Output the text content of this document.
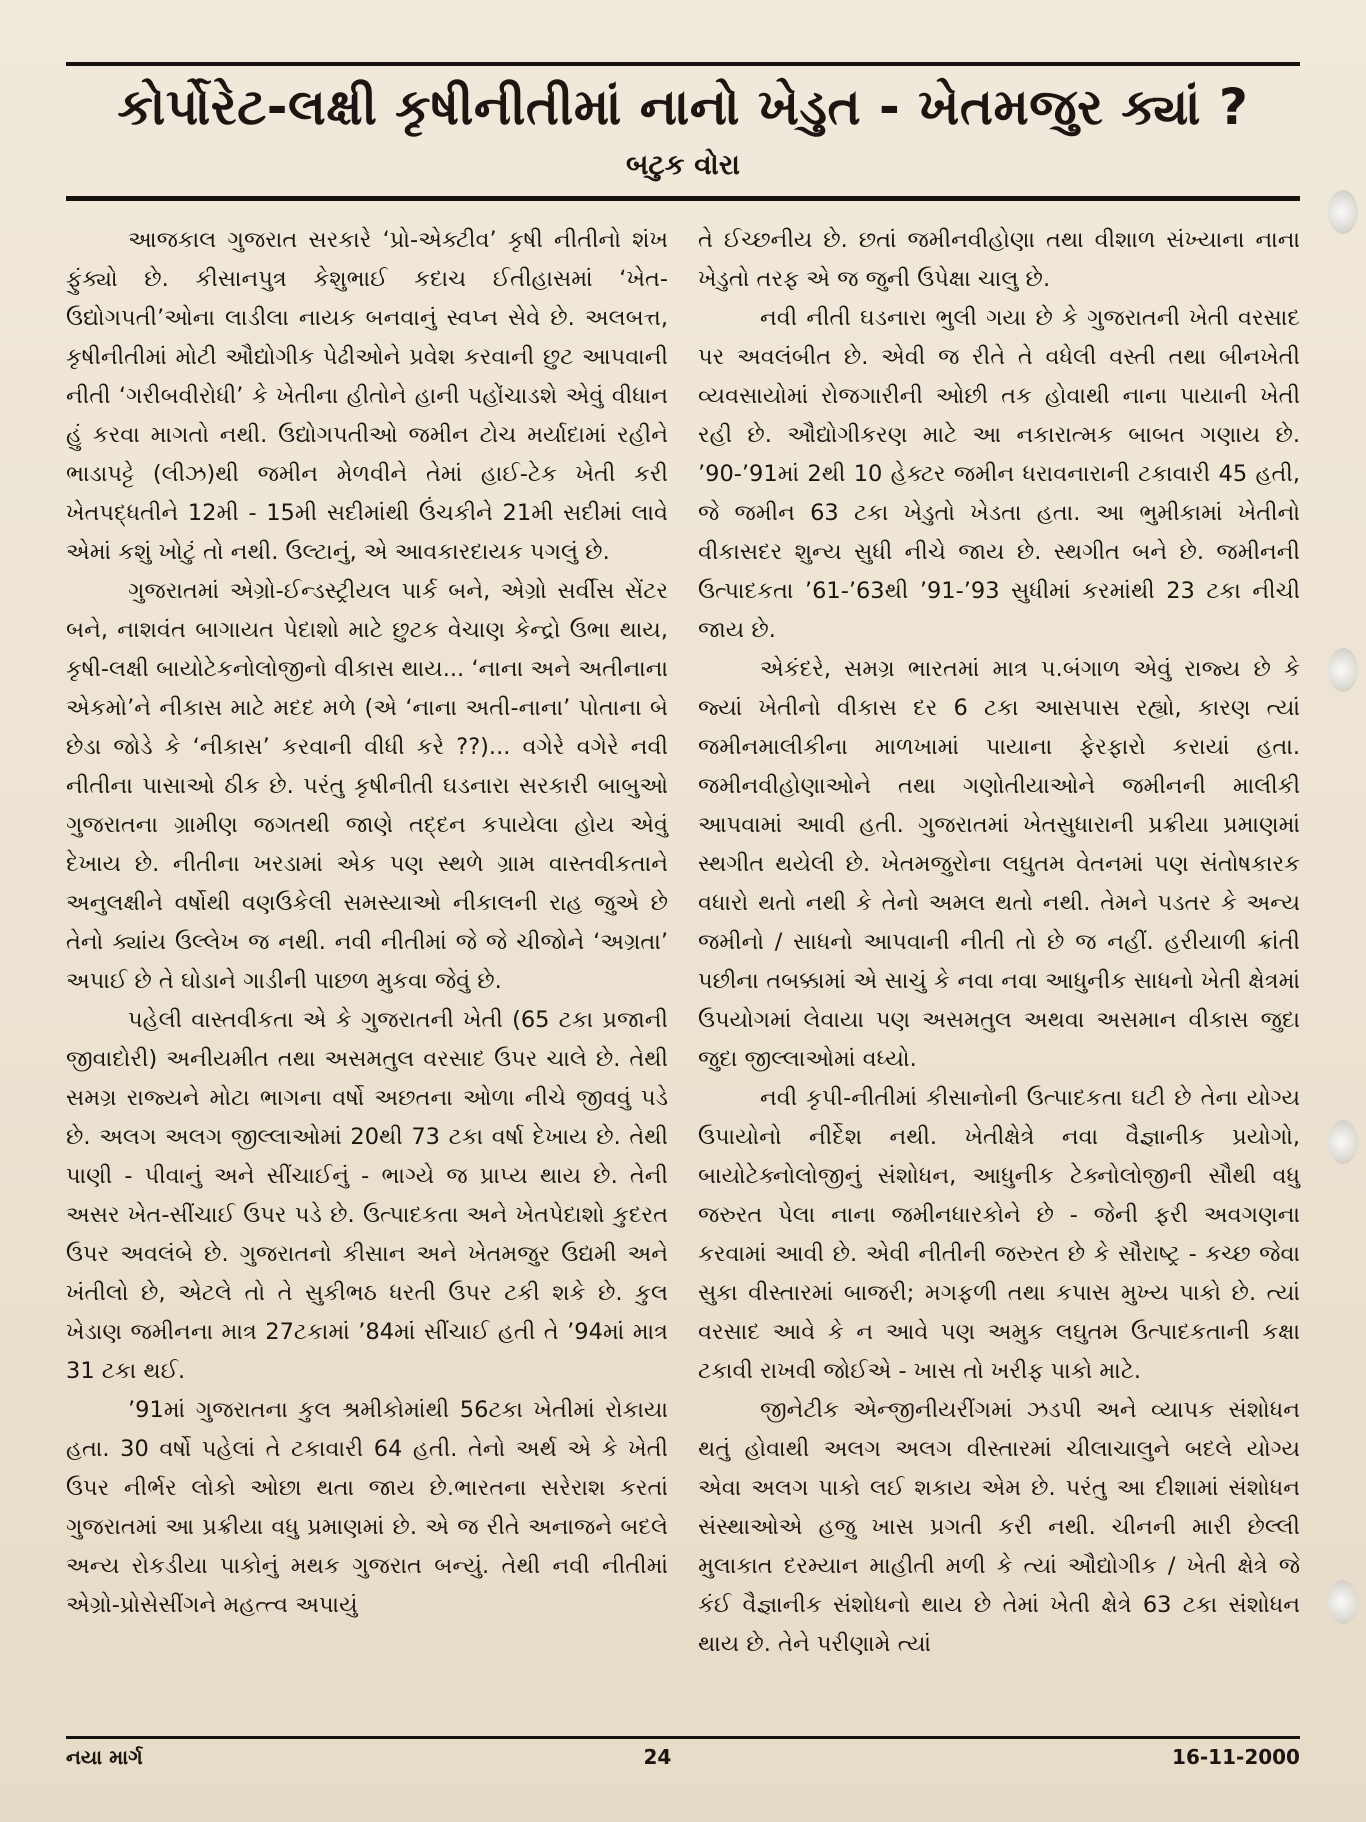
કોર્પોરેટ-લક્ષી કૃષીનીતીમાં નાનો ખેડુત - ખેતમજુર ક્યાં ?
બટુક વોરા

આજકાલ ગુજરાત સરકારે ‘પ્રો-એક્ટીવ’ કૃષી નીતીનો શંખ ફુંક્યો છે. કીસાનપુત્ર કેશુભાઈ કદાચ ઈતીહાસમાં ‘ખેત-ઉદ્યોગપતી’ઓના લાડીલા નાયક બનવાનું સ્વપ્ન સેવે છે. અલબત્ત, કૃષીનીતીમાં મોટી ઔદ્યોગીક પેઢીઓને પ્રવેશ કરવાની છુટ આપવાની નીતી ‘ગરીબવીરોધી’ કે ખેતીના હીતોને હાની પહોંચાડશે એવું વીધાન હું કરવા માગતો નથી. ઉદ્યોગપતીઓ જમીન ટોચ મર્યાદામાં રહીને ભાડાપટ્ટે (લીઝ)થી જમીન મેળવીને તેમાં હાઈ-ટેક ખેતી કરી ખેતપદ્ધતીને 12મી - 15મી સદીમાંથી ઉંચકીને 21મી સદીમાં લાવે એમાં કશું ખોટું તો નથી. ઉલ્ટાનું, એ આવકારદાયક પગલું છે.

ગુજરાતમાં એગ્રો-ઈન્ડસ્ટ્રીયલ પાર્ક બને, એગ્રો સર્વીસ સેંટર બને, નાશવંત બાગાયત પેદાશો માટે છુટક વેચાણ કેન્દ્રો ઉભા થાય, કૃષી-લક્ષી બાયોટેકનોલોજીનો વીકાસ થાય... ‘નાના અને અતીનાના એકમો’ને નીકાસ માટે મદદ મળે (એ ‘નાના અતી-નાના’ પોતાના બે છેડા જોડે કે ‘નીકાસ’ કરવાની વીધી કરે ??)... વગેરે વગેરે નવી નીતીના પાસાઓ ઠીક છે. પરંતુ કૃષીનીતી ઘડનારા સરકારી બાબુઓ ગુજરાતના ગ્રામીણ જગતથી જાણે તદ્દન કપાયેલા હોય એવું દેખાય છે. નીતીના ખરડામાં એક પણ સ્થળે ગ્રામ વાસ્તવીકતાને અનુલક્ષીને વર્ષોથી વણઉકેલી સમસ્યાઓ નીકાલની રાહ જુએ છે તેનો ક્યાંય ઉલ્લેખ જ નથી. નવી નીતીમાં જે જે ચીજોને ‘અગ્રતા’ અપાઈ છે તે ઘોડાને ગાડીની પાછળ મુકવા જેવું છે.

પહેલી વાસ્તવીકતા એ કે ગુજરાતની ખેતી (65 ટકા પ્રજાની જીવાદોરી) અનીયમીત તથા અસમતુલ વરસાદ ઉપર ચાલે છે. તેથી સમગ્ર રાજ્યને મોટા ભાગના વર્ષો અછતના ઓળા નીચે જીવવું પડે છે. અલગ અલગ જીલ્લાઓમાં 20થી 73 ટકા વર્ષા દેખાય છે. તેથી પાણી - પીવાનું અને સીંચાઈનું - ભાગ્યે જ પ્રાપ્ય થાય છે. તેની અસર ખેત-સીંચાઈ ઉપર પડે છે. ઉત્પાદકતા અને ખેતપેદાશો કુદરત ઉપર અવલંબે છે. ગુજરાતનો કીસાન અને ખેતમજુર ઉદ્યમી અને ખંતીલો છે, એટલે તો તે સુકીભઠ ધરતી ઉપર ટકી શકે છે. કુલ ખેડાણ જમીનના માત્ર 27ટકામાં ’84માં સીંચાઈ હતી તે ’94માં માત્ર 31 ટકા થઈ.

’91માં ગુજરાતના કુલ શ્રમીકોમાંથી 56ટકા ખેતીમાં રોકાયા હતા. 30 વર્ષો પહેલાં તે ટકાવારી 64 હતી. તેનો અર્થ એ કે ખેતી ઉપર નીર્ભર લોકો ઓછા થતા જાય છે.ભારતના સરેરાશ કરતાં ગુજરાતમાં આ પ્રક્રીયા વધુ પ્રમાણમાં છે. એ જ રીતે અનાજને બદલે અન્ય રોકડીયા પાકોનું મથક ગુજરાત બન્યું. તેથી નવી નીતીમાં એગ્રો-પ્રોસેસીંગને મહત્ત્વ અપાયું

તે ઈચ્છનીય છે. છતાં જમીનવીહોણા તથા વીશાળ સંખ્યાના નાના ખેડુતો તરફ એ જ જુની ઉપેક્ષા ચાલુ છે.

નવી નીતી ઘડનારા ભુલી ગયા છે કે ગુજરાતની ખેતી વરસાદ પર અવલંબીત છે. એવી જ રીતે તે વધેલી વસ્તી તથા બીનખેતી વ્યવસાયોમાં રોજગારીની ઓછી તક હોવાથી નાના પાયાની ખેતી રહી છે. ઔદ્યોગીકરણ માટે આ નકારાત્મક બાબત ગણાય છે. ’90-’91માં 2થી 10 હેક્ટર જમીન ધરાવનારાની ટકાવારી 45 હતી, જે જમીન 63 ટકા ખેડુતો ખેડતા હતા. આ ભુમીકામાં ખેતીનો વીકાસદર શુન્ય સુધી નીચે જાય છે. સ્થગીત બને છે. જમીનની ઉત્પાદકતા ’61-’63થી ’91-’93 સુધીમાં કરમાંથી 23 ટકા નીચી જાય છે.

એકંદરે, સમગ્ર ભારતમાં માત્ર પ.બંગાળ એવું રાજ્ય છે કે જ્યાં ખેતીનો વીકાસ દર 6 ટકા આસપાસ રહ્યો, કારણ ત્યાં જમીનમાલીકીના માળખામાં પાયાના ફેરફારો કરાયાં હતા. જમીનવીહોણાઓને તથા ગણોતીયાઓને જમીનની માલીકી આપવામાં આવી હતી. ગુજરાતમાં ખેતસુધારાની પ્રક્રીયા પ્રમાણમાં સ્થગીત થયેલી છે. ખેતમજુરોના લઘુતમ વેતનમાં પણ સંતોષકારક વધારો થતો નથી કે તેનો અમલ થતો નથી. તેમને પડતર કે અન્ય જમીનો / સાધનો આપવાની નીતી તો છે જ નહીં. હરીયાળી ક્રાંતી પછીના તબક્કામાં એ સાચું કે નવા નવા આધુનીક સાધનો ખેતી ક્ષેત્રમાં ઉપયોગમાં લેવાયા પણ અસમતુલ અથવા અસમાન વીકાસ જુદા જુદા જીલ્લાઓમાં વધ્યો.

નવી કૃપી-નીતીમાં કીસાનોની ઉત્પાદકતા ઘટી છે તેના યોગ્ય ઉપાયોનો નીર્દેશ નથી. ખેતીક્ષેત્રે નવા વૈજ્ઞાનીક પ્રયોગો, બાયોટેક્નોલોજીનું સંશોધન, આધુનીક ટેક્નોલોજીની સૌથી વધુ જરુરત પેલા નાના જમીનધારકોને છે - જેની ફરી અવગણના કરવામાં આવી છે. એવી નીતીની જરુરત છે કે સૌરાષ્ટ્ર - કચ્છ જેવા સુકા વીસ્તારમાં બાજરી; મગફળી તથા કપાસ મુખ્ય પાકો છે. ત્યાં વરસાદ આવે કે ન આવે પણ અમુક લઘુતમ ઉત્પાદકતાની કક્ષા ટકાવી રાખવી જોઈએ - ખાસ તો ખરીફ પાકો માટે.

જીનેટીક એન્જીનીયરીંગમાં ઝડપી અને વ્યાપક સંશોધન થતું હોવાથી અલગ અલગ વીસ્તારમાં ચીલાચાલુને બદલે યોગ્ય એવા અલગ પાકો લઈ શકાય એમ છે. પરંતુ આ દીશામાં સંશોધન સંસ્થાઓએ હજુ ખાસ પ્રગતી કરી નથી. ચીનની મારી છેલ્લી મુલાકાત દરમ્યાન માહીતી મળી કે ત્યાં ઔદ્યોગીક / ખેતી ક્ષેત્રે જે કંઈ વૈજ્ઞાનીક સંશોધનો થાય છે તેમાં ખેતી ક્ષેત્રે 63 ટકા સંશોધન થાય છે. તેને પરીણામે ત્યાં

નયા માર્ગ	24	16-11-2000
